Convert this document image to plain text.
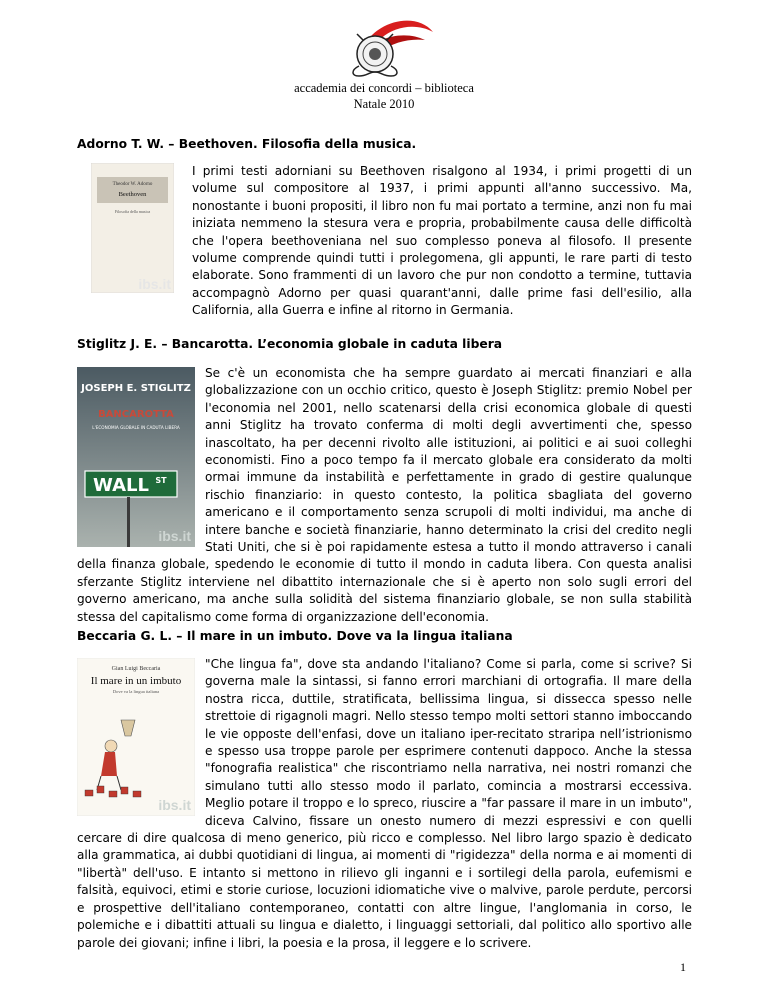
accademia dei concordi – biblioteca
Natale 2010
Adorno T. W. – Beethoven. Filosofia della musica.
Theodor W. Adorno
Beethoven
Filosofia della musica
ibs.it
I primi testi adorniani su Beethoven risalgono al 1934, i primi progetti di un volume sul compositore al 1937, i primi appunti all'anno successivo. Ma, nonostante i buoni propositi, il libro non fu mai portato a termine, anzi non fu mai iniziata nemmeno la stesura vera e propria, probabilmente causa delle difficoltà che l'opera beethoveniana nel suo complesso poneva al filosofo. Il presente volume comprende quindi tutti i prolegomena, gli appunti, le rare parti di testo elaborate. Sono frammenti di un lavoro che pur non condotto a termine, tuttavia accompagnò Adorno per quasi quarant'anni, dalle prime fasi dell'esilio, alla California, alla Guerra e infine al ritorno in Germania.
Stiglitz J. E. – Bancarotta. L’economia globale in caduta libera
JOSEPH E. STIGLITZ
BANCAROTTA
L'ECONOMIA GLOBALE IN CADUTA LIBERA
WALL ST
ibs.it
Se c'è un economista che ha sempre guardato ai mercati finanziari e alla globalizzazione con un occhio critico, questo è Joseph Stiglitz: premio Nobel per l'economia nel 2001, nello scatenarsi della crisi economica globale di questi anni Stiglitz ha trovato conferma di molti degli avvertimenti che, spesso inascoltato, ha per decenni rivolto alle istituzioni, ai politici e ai suoi colleghi economisti. Fino a poco tempo fa il mercato globale era considerato da molti ormai immune da instabilità e perfettamente in grado di gestire qualunque rischio finanziario: in questo contesto, la politica sbagliata del governo americano e il comportamento senza scrupoli di molti individui, ma anche di intere banche e società finanziarie, hanno determinato la crisi del credito negli Stati Uniti, che si è poi rapidamente estesa a tutto il mondo attraverso i canali della finanza globale, spedendo le economie di tutto il mondo in caduta libera. Con questa analisi sferzante Stiglitz interviene nel dibattito internazionale che si è aperto non solo sugli errori del governo americano, ma anche sulla solidità del sistema finanziario globale, se non sulla stabilità stessa del capitalismo come forma di organizzazione dell'economia.
Beccaria G. L. – Il mare in un imbuto. Dove va la lingua italiana
Gian Luigi Beccaria
Il mare in un imbuto
Dove va la lingua italiana
ibs.it
"Che lingua fa", dove sta andando l'italiano? Come si parla, come si scrive? Si governa male la sintassi, si fanno errori marchiani di ortografia. Il mare della nostra ricca, duttile, stratificata, bellissima lingua, si dissecca spesso nelle strettoie di rigagnoli magri. Nello stesso tempo molti settori stanno imboccando le vie opposte dell'enfasi, dove un italiano iper-recitato straripa nell’istrionismo e spesso usa troppe parole per esprimere contenuti dappoco. Anche la stessa "fonografia realistica" che riscontriamo nella narrativa, nei nostri romanzi che simulano tutti allo stesso modo il parlato, comincia a mostrarsi eccessiva. Meglio potare il troppo e lo spreco, riuscire a "far passare il mare in un imbuto", diceva Calvino, fissare un onesto numero di mezzi espressivi e con quelli cercare di dire qualcosa di meno generico, più ricco e complesso. Nel libro largo spazio è dedicato alla grammatica, ai dubbi quotidiani di lingua, ai momenti di "rigidezza" della norma e ai momenti di "libertà" dell'uso. E intanto si mettono in rilievo gli inganni e i sortilegi della parola, eufemismi e falsità, equivoci, etimi e storie curiose, locuzioni idiomatiche vive o malvive, parole perdute, percorsi e prospettive dell'italiano contemporaneo, contatti con altre lingue, l'anglomania in corso, le polemiche e i dibattiti attuali su lingua e dialetto, i linguaggi settoriali, dal politico allo sportivo alle parole dei giovani; infine i libri, la poesia e la prosa, il leggere e lo scrivere.
1
